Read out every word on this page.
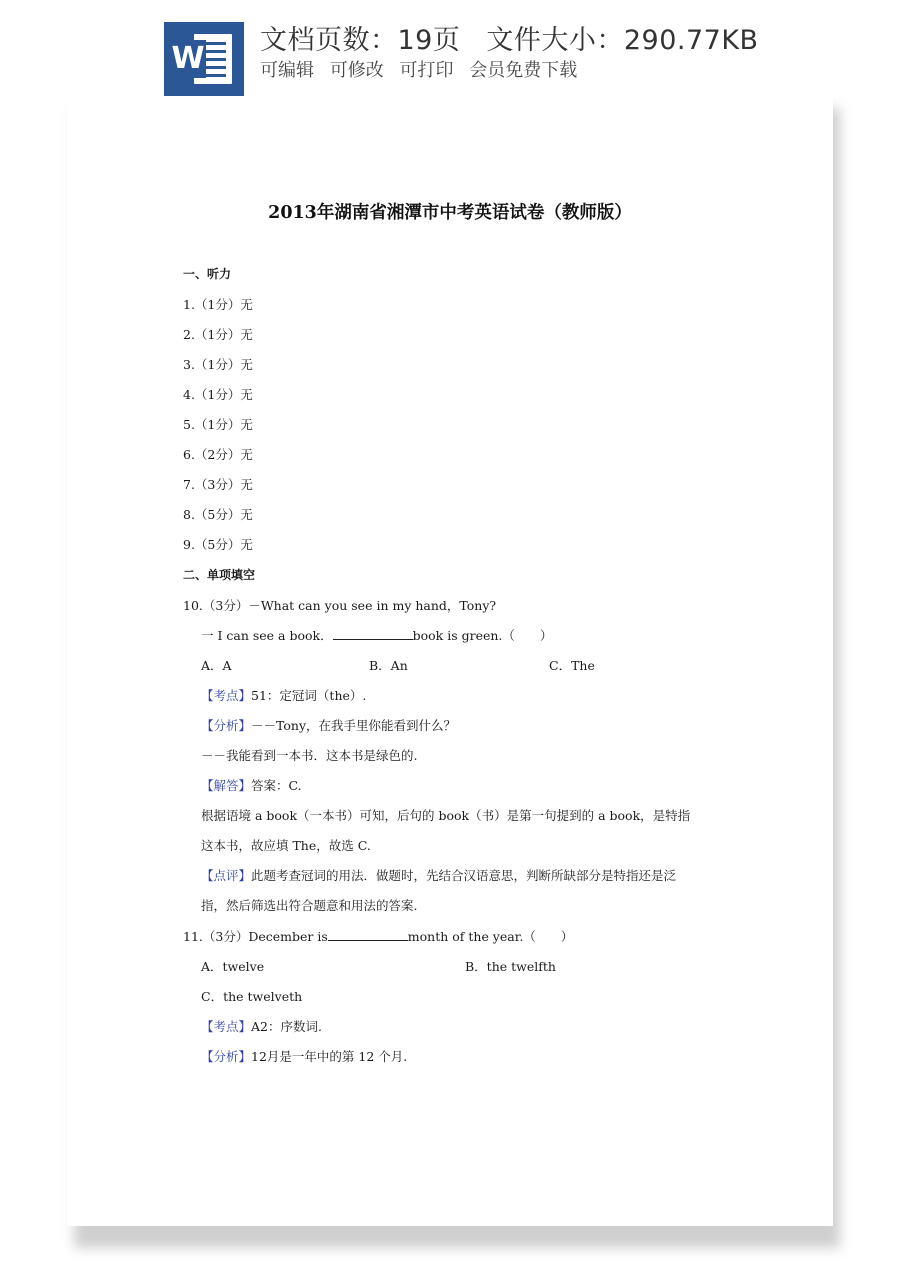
W
文档页数：19页 文件大小：290.77KB
可编辑 可修改 可打印 会员免费下载
2013年湖南省湘潭市中考英语试卷（教师版）
一、听力
1.（1分）无
2.（1分）无
3.（1分）无
4.（1分）无
5.（1分）无
6.（2分）无
7.（3分）无
8.（5分）无
9.（5分）无
二、单项填空
10.（3分）－What can you see in my hand，Tony?
一 I can see a book．	book is green.（　　）
A．A	B．An	C．The
【考点】51：定冠词（the）.
【分析】－－Tony，在我手里你能看到什么？
－－我能看到一本书．这本书是绿色的.
【解答】答案：C.
根据语境 a book（一本书）可知，后句的 book（书）是第一句提到的 a book，是特指
这本书，故应填 The，故选 C.
【点评】此题考查冠词的用法．做题时，先结合汉语意思，判断所缺部分是特指还是泛
指，然后筛选出符合题意和用法的答案.
11.（3分）December is	month of the year.（　　）
A．twelve	B．the twelfth
C．the twelveth
【考点】A2：序数词.
【分析】12月是一年中的第 12 个月.
